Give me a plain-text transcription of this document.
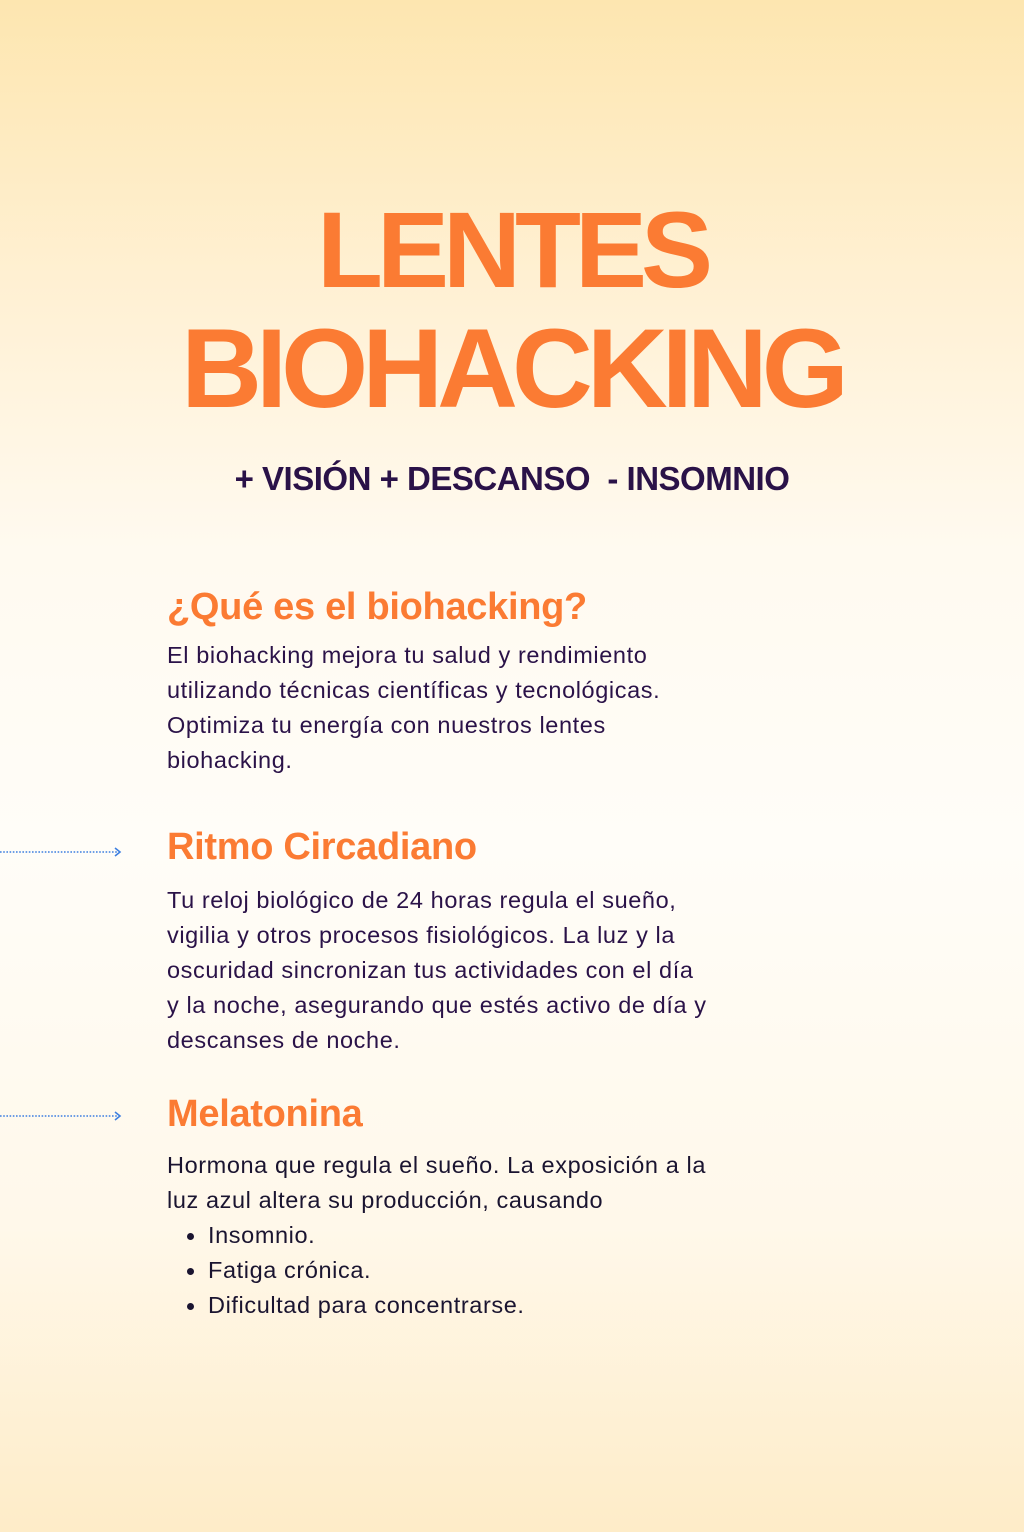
LENTES
BIOHACKING
+ VISIÓN + DESCANSO  - INSOMNIO
¿Qué es el biohacking?

El biohacking mejora tu salud y rendimiento
utilizando técnicas científicas y tecnológicas.
Optimiza tu energía con nuestros lentes
biohacking.

Ritmo Circadiano

Tu reloj biológico de 24 horas regula el sueño,
vigilia y otros procesos fisiológicos. La luz y la
oscuridad sincronizan tus actividades con el día
y la noche, asegurando que estés activo de día y
descanses de noche.

Melatonina

Hormona que regula el sueño. La exposición a la
luz azul altera su producción, causando

Insomnio.
Fatiga crónica.
Dificultad para concentrarse.
